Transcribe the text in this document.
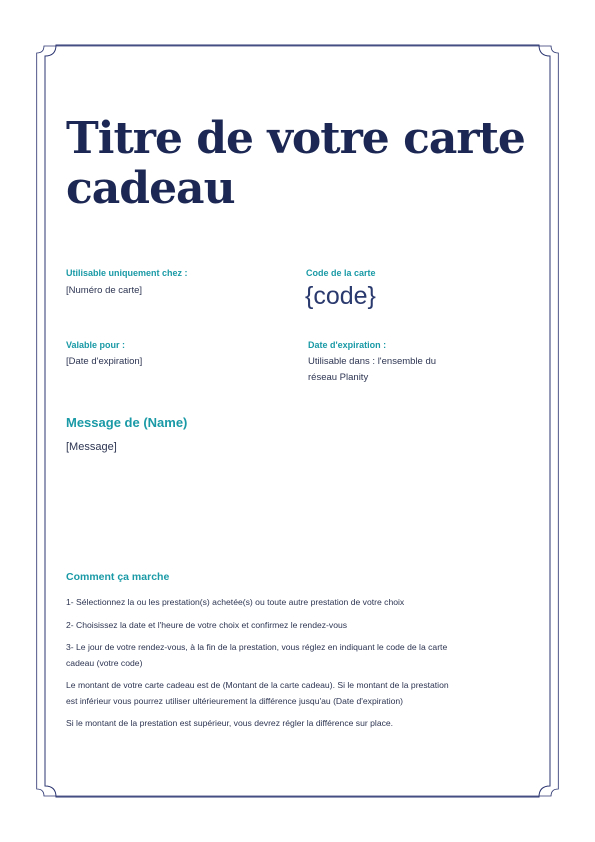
Titre de votre carte cadeau
Utilisable uniquement chez :
[Numéro de carte]
Code de la carte
{code}
Valable pour :
[Date d'expiration]
Date d'expiration :
Utilisable dans : l'ensemble du réseau Planity
Message de (Name)
[Message]
Comment ça marche

1- Sélectionnez la ou les prestation(s) achetée(s) ou toute autre prestation de votre choix

2- Choisissez la date et l'heure de votre choix et confirmez le rendez-vous

3- Le jour de votre rendez-vous, à la fin de la prestation, vous réglez en indiquant le code de la carte cadeau (votre code)

Le montant de votre carte cadeau est de (Montant de la carte cadeau). Si le montant de la prestation est inférieur vous pourrez utiliser ultérieurement la différence jusqu'au (Date d'expiration)

Si le montant de la prestation est supérieur, vous devrez régler la différence sur place.
